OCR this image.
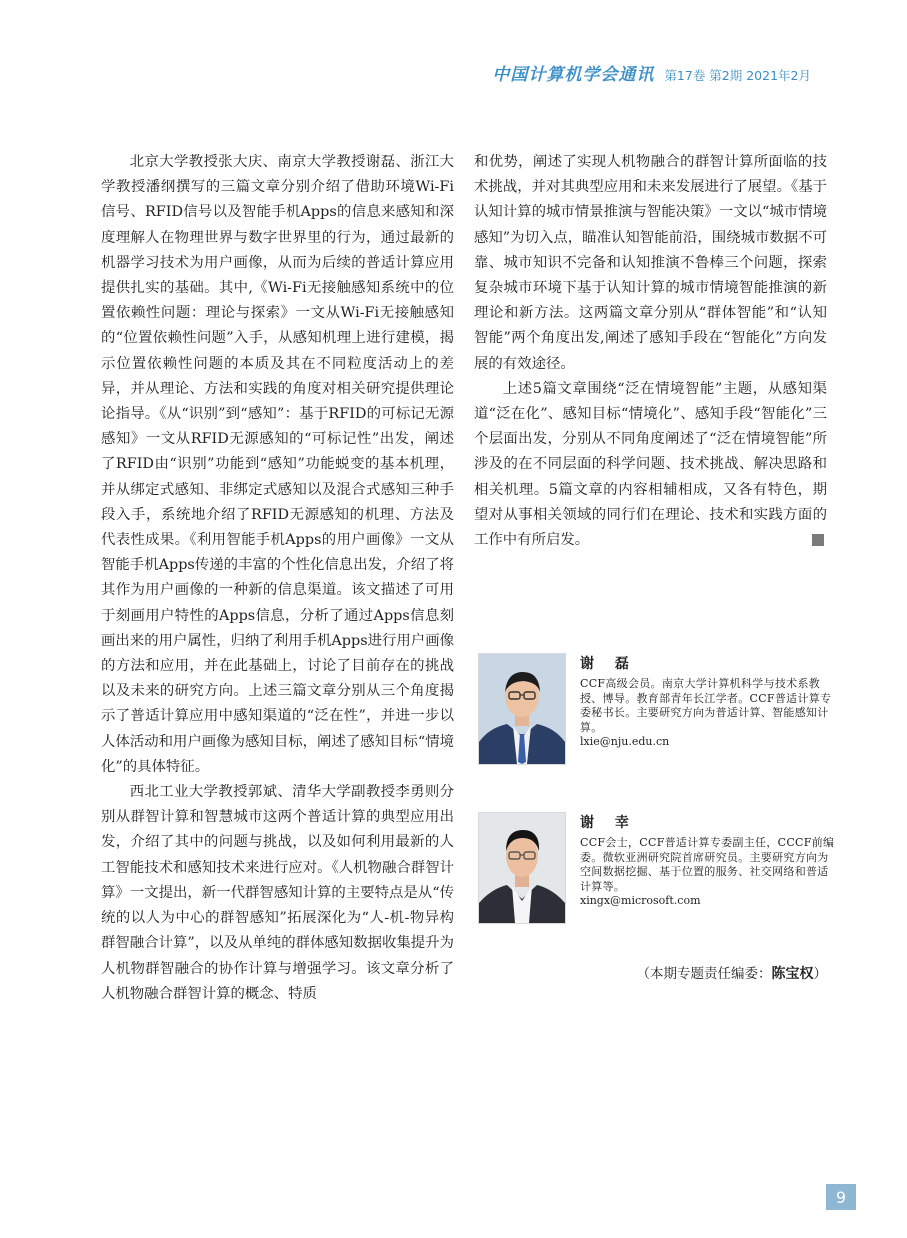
中国计算机学会通讯 第17卷 第2期 2021年2月

北京大学教授张大庆、南京大学教授谢磊、浙江大学教授潘纲撰写的三篇文章分别介绍了借助环境Wi-Fi信号、RFID信号以及智能手机Apps的信息来感知和深度理解人在物理世界与数字世界里的行为，通过最新的机器学习技术为用户画像，从而为后续的普适计算应用提供扎实的基础。其中,《Wi-Fi无接触感知系统中的位置依赖性问题：理论与探索》一文从Wi-Fi无接触感知的“位置依赖性问题”入手，从感知机理上进行建模，揭示位置依赖性问题的本质及其在不同粒度活动上的差异，并从理论、方法和实践的角度对相关研究提供理论论指导。《从“识别”到“感知”：基于RFID的可标记无源感知》一文从RFID无源感知的“可标记性”出发，阐述了RFID由“识别”功能到“感知”功能蜕变的基本机理，并从绑定式感知、非绑定式感知以及混合式感知三种手段入手，系统地介绍了RFID无源感知的机理、方法及代表性成果。《利用智能手机Apps的用户画像》一文从智能手机Apps传递的丰富的个性化信息出发，介绍了将其作为用户画像的一种新的信息渠道。该文描述了可用于刻画用户特性的Apps信息，分析了通过Apps信息刻画出来的用户属性，归纳了利用手机Apps进行用户画像的方法和应用，并在此基础上，讨论了目前存在的挑战以及未来的研究方向。上述三篇文章分别从三个角度揭示了普适计算应用中感知渠道的“泛在性”，并进一步以人体活动和用户画像为感知目标，阐述了感知目标“情境化”的具体特征。

西北工业大学教授郭斌、清华大学副教授李勇则分别从群智计算和智慧城市这两个普适计算的典型应用出发，介绍了其中的问题与挑战，以及如何利用最新的人工智能技术和感知技术来进行应对。《人机物融合群智计算》一文提出，新一代群智感知计算的主要特点是从“传统的以人为中心的群智感知”拓展深化为“人-机-物异构群智融合计算”，以及从单纯的群体感知数据收集提升为人机物群智融合的协作计算与增强学习。该文章分析了人机物融合群智计算的概念、特质

和优势，阐述了实现人机物融合的群智计算所面临的技术挑战，并对其典型应用和未来发展进行了展望。《基于认知计算的城市情景推演与智能决策》一文以“城市情境感知”为切入点，瞄准认知智能前沿，围绕城市数据不可靠、城市知识不完备和认知推演不鲁棒三个问题，探索复杂城市环境下基于认知计算的城市情境智能推演的新理论和新方法。这两篇文章分别从“群体智能”和“认知智能”两个角度出发,阐述了感知手段在“智能化”方向发展的有效途径。

上述5篇文章围绕“泛在情境智能”主题，从感知渠道“泛在化”、感知目标“情境化”、感知手段“智能化”三个层面出发，分别从不同角度阐述了“泛在情境智能”所涉及的在不同层面的科学问题、技术挑战、解决思路和相关机理。5篇文章的内容相辅相成，又各有特色，期望对从事相关领域的同行们在理论、技术和实践方面的工作中有所启发。

谢 磊
CCF高级会员。南京大学计算机科学与技术系教授、博导。教育部青年长江学者。CCF普适计算专委秘书长。主要研究方向为普适计算、智能感知计算。
lxie@nju.edu.cn
谢 幸
CCF会士，CCF普适计算专委副主任，CCCF前编委。微软亚洲研究院首席研究员。主要研究方向为空间数据挖掘、基于位置的服务、社交网络和普适计算等。
xingx@microsoft.com
（本期专题责任编委：陈宝权）
9
